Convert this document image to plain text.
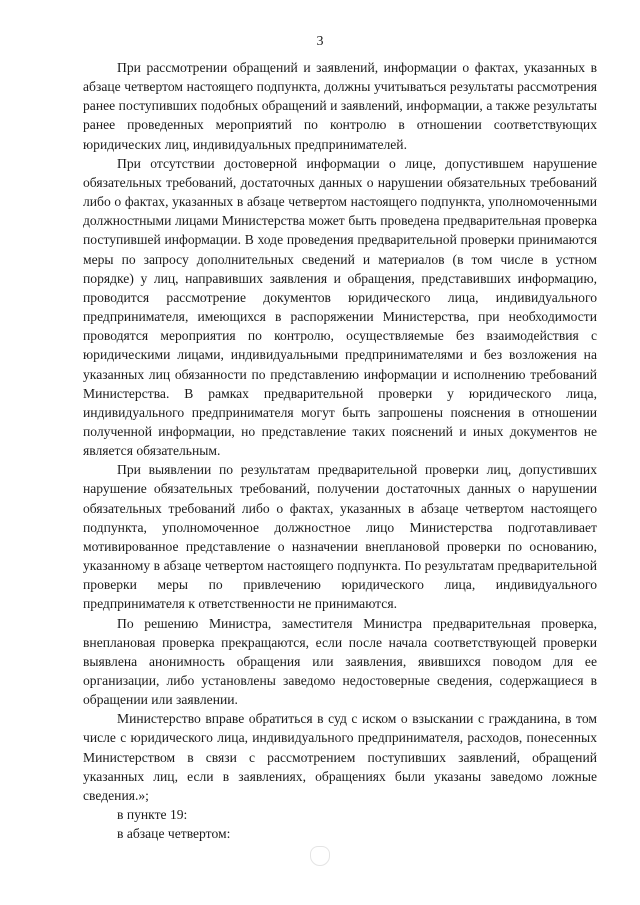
3

При рассмотрении обращений и заявлений, информации о фактах, указанных в абзаце четвертом настоящего подпункта, должны учитываться результаты рассмотрения ранее поступивших подобных обращений и заявлений, информации, а также результаты ранее проведенных мероприятий по контролю в отношении соответствующих юридических лиц, индивидуальных предпринимателей.

При отсутствии достоверной информации о лице, допустившем нарушение обязательных требований, достаточных данных о нарушении обязательных требований либо о фактах, указанных в абзаце четвертом настоящего подпункта, уполномоченными должностными лицами Министерства может быть проведена предварительная проверка поступившей информации. В ходе проведения предварительной проверки принимаются меры по запросу дополнительных сведений и материалов (в том числе в устном порядке) у лиц, направивших заявления и обращения, представивших информацию, проводится рассмотрение документов юридического лица, индивидуального предпринимателя, имеющихся в распоряжении Министерства, при необходимости проводятся мероприятия по контролю, осуществляемые без взаимодействия с юридическими лицами, индивидуальными предпринимателями и без возложения на указанных лиц обязанности по представлению информации и исполнению требований Министерства. В рамках предварительной проверки у юридического лица, индивидуального предпринимателя могут быть запрошены пояснения в отношении полученной информации, но представление таких пояснений и иных документов не является обязательным.

При выявлении по результатам предварительной проверки лиц, допустивших нарушение обязательных требований, получении достаточных данных о нарушении обязательных требований либо о фактах, указанных в абзаце четвертом настоящего подпункта, уполномоченное должностное лицо Министерства подготавливает мотивированное представление о назначении внеплановой проверки по основанию, указанному в абзаце четвертом настоящего подпункта. По результатам предварительной проверки меры по привлечению юридического лица, индивидуального предпринимателя к ответственности не принимаются.

По решению Министра, заместителя Министра предварительная проверка, внеплановая проверка прекращаются, если после начала соответствующей проверки выявлена анонимность обращения или заявления, явившихся поводом для ее организации, либо установлены заведомо недостоверные сведения, содержащиеся в обращении или заявлении.

Министерство вправе обратиться в суд с иском о взыскании с гражданина, в том числе с юридического лица, индивидуального предпринимателя, расходов, понесенных Министерством в связи с рассмотрением поступивших заявлений, обращений указанных лиц, если в заявлениях, обращениях были указаны заведомо ложные сведения.»;

в пункте 19:

в абзаце четвертом:
